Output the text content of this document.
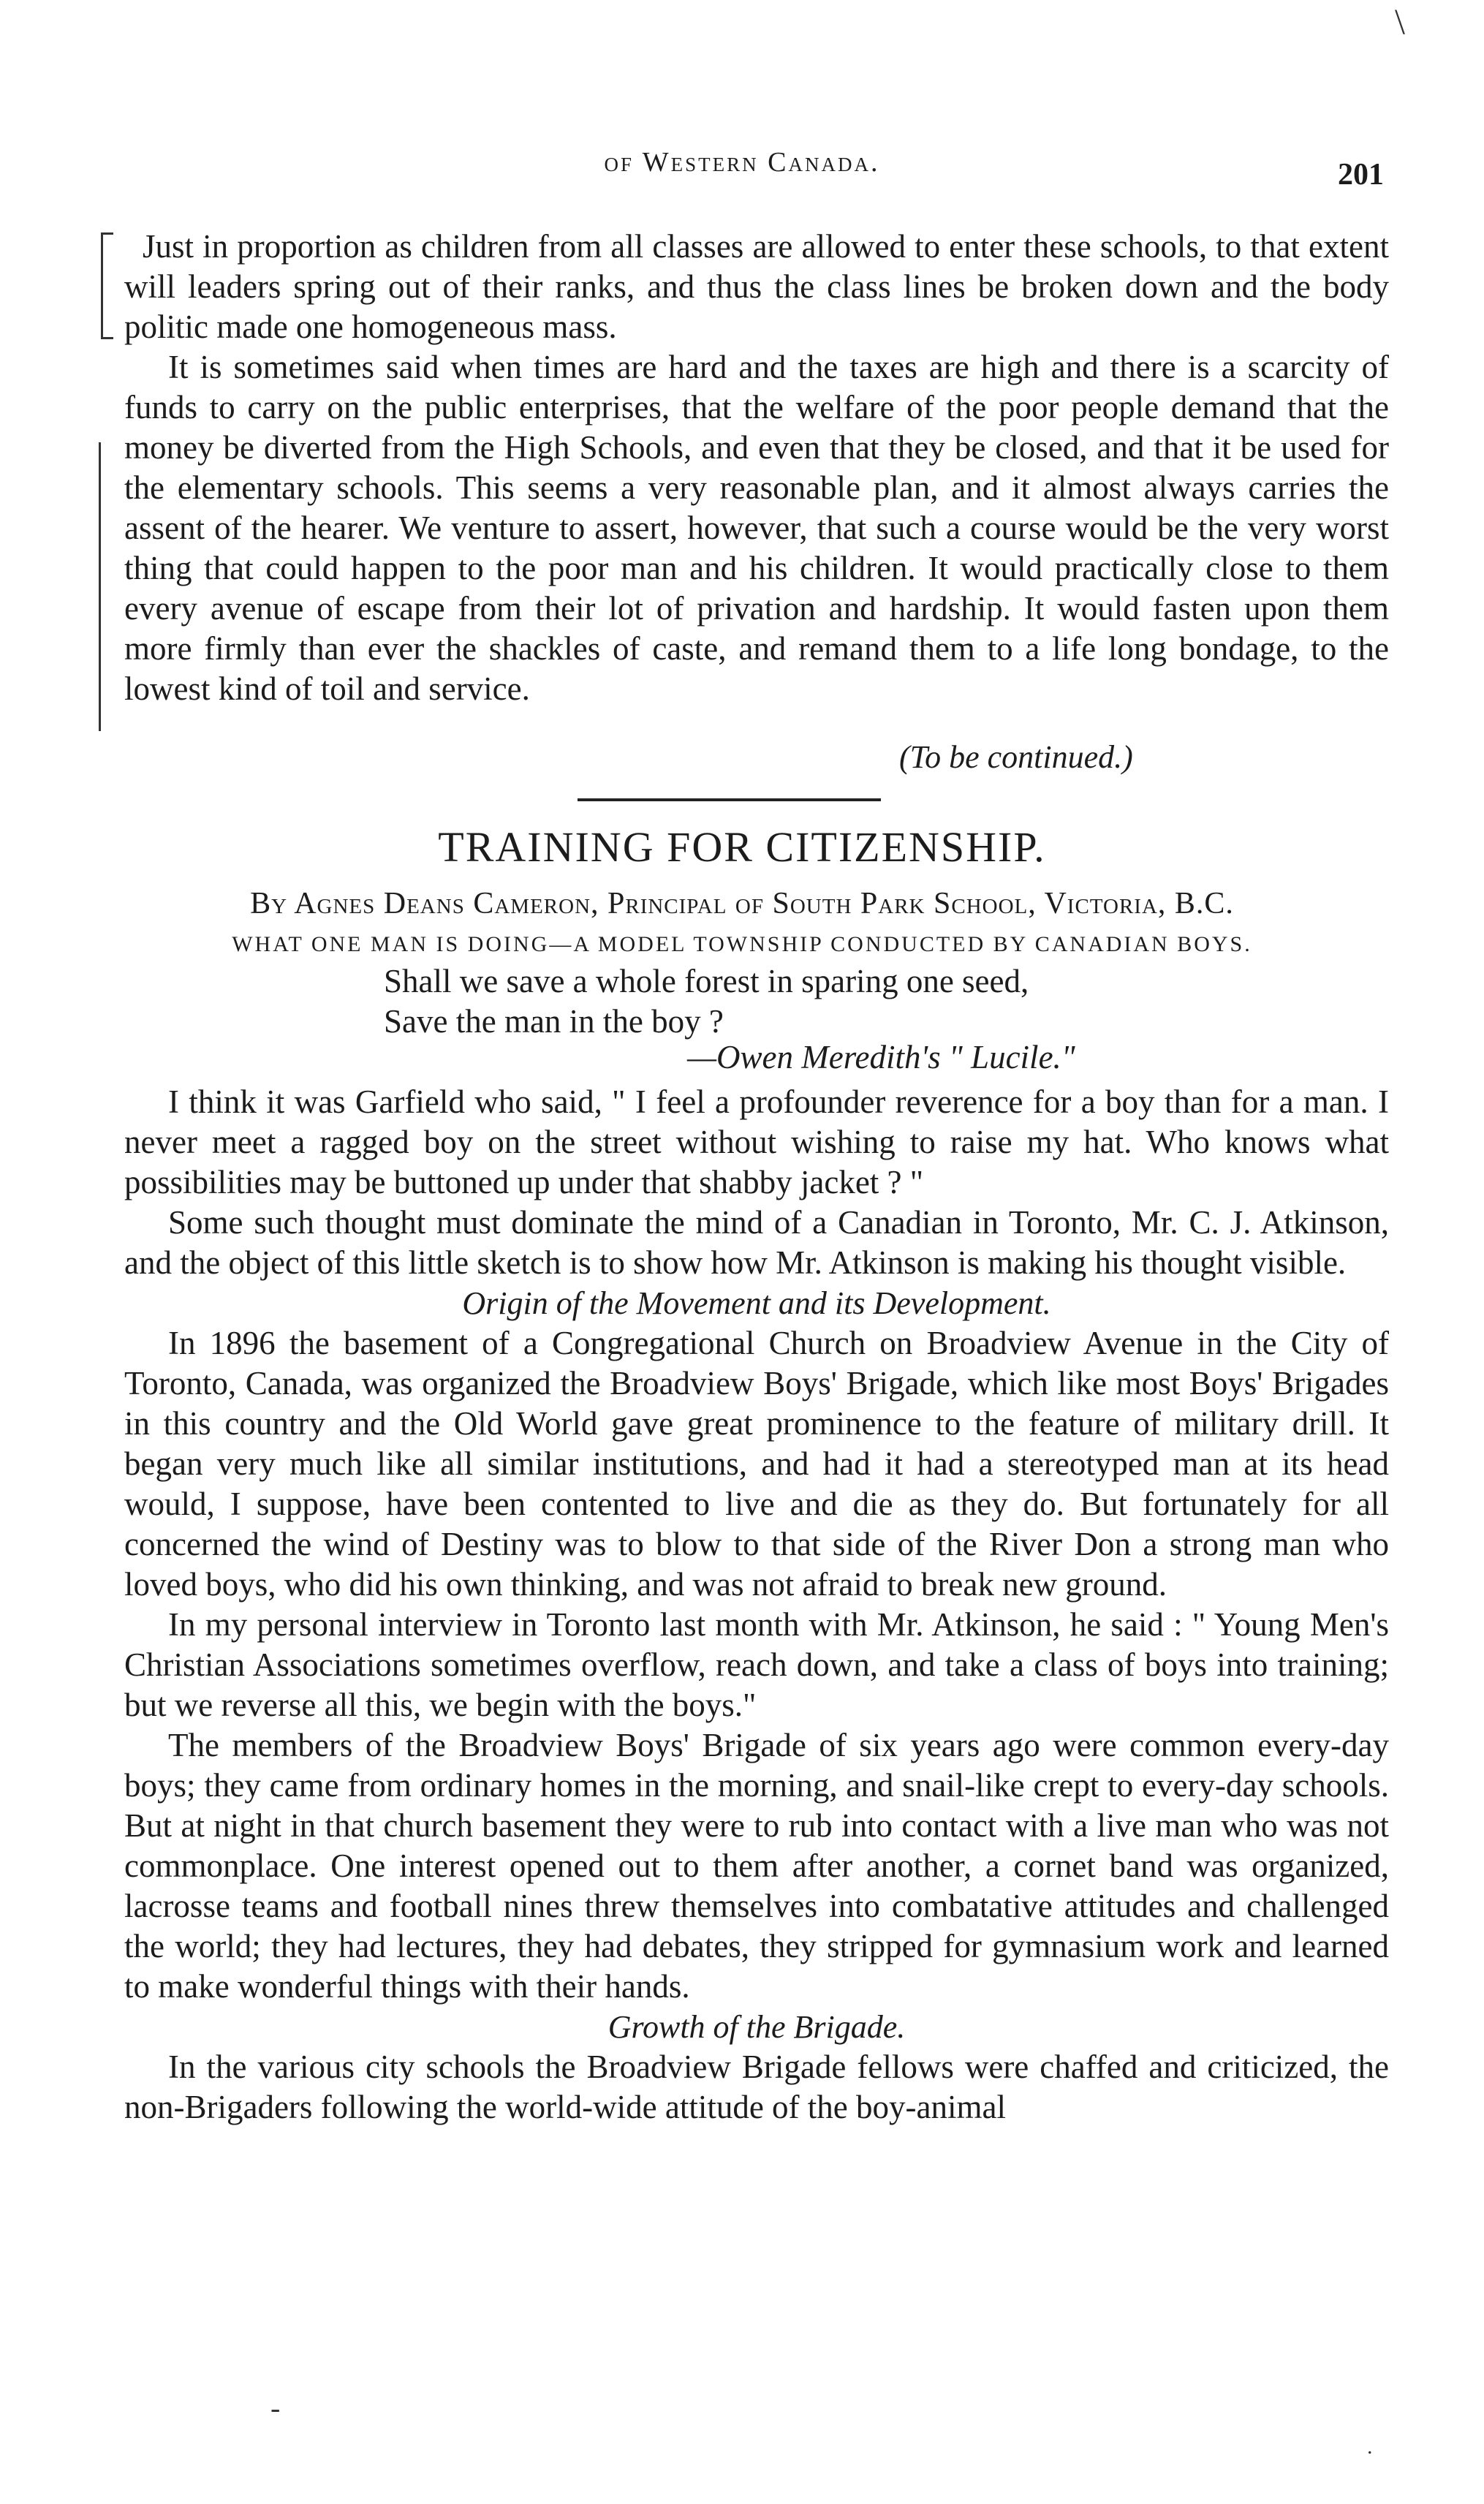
\
of Western Canada.	201

Just in proportion as children from all classes are allowed to enter these schools, to that extent will leaders spring out of their ranks, and thus the class lines be broken down and the body politic made one homogeneous mass.

It is sometimes said when times are hard and the taxes are high and there is a scarcity of funds to carry on the public enterprises, that the welfare of the poor people demand that the money be diverted from the High Schools, and even that they be closed, and that it be used for the elementary schools. This seems a very reasonable plan, and it almost always carries the assent of the hearer. We venture to assert, however, that such a course would be the very worst thing that could happen to the poor man and his children. It would practically close to them every avenue of escape from their lot of privation and hardship. It would fasten upon them more firmly than ever the shackles of caste, and remand them to a life long bondage, to the lowest kind of toil and service.

(To be continued.)
TRAINING FOR CITIZENSHIP.
By Agnes Deans Cameron, Principal of South Park School, Victoria, B.C.
WHAT ONE MAN IS DOING—A MODEL TOWNSHIP CONDUCTED BY CANADIAN BOYS.
Shall we save a whole forest in sparing one seed,
Save the man in the boy ?
—Owen Meredith's " Lucile."

I think it was Garfield who said, " I feel a profounder reverence for a boy than for a man. I never meet a ragged boy on the street without wishing to raise my hat. Who knows what possibilities may be buttoned up under that shabby jacket ? "

Some such thought must dominate the mind of a Canadian in Toronto, Mr. C. J. Atkinson, and the object of this little sketch is to show how Mr. Atkinson is making his thought visible.

Origin of the Movement and its Development.

In 1896 the basement of a Congregational Church on Broadview Avenue in the City of Toronto, Canada, was organized the Broadview Boys' Brigade, which like most Boys' Brigades in this country and the Old World gave great prominence to the feature of military drill. It began very much like all similar institutions, and had it had a stereotyped man at its head would, I suppose, have been contented to live and die as they do. But fortunately for all concerned the wind of Destiny was to blow to that side of the River Don a strong man who loved boys, who did his own thinking, and was not afraid to break new ground.

In my personal interview in Toronto last month with Mr. Atkinson, he said : " Young Men's Christian Associations sometimes overflow, reach down, and take a class of boys into training; but we reverse all this, we begin with the boys."

The members of the Broadview Boys' Brigade of six years ago were common every-day boys; they came from ordinary homes in the morning, and snail-like crept to every-day schools. But at night in that church basement they were to rub into contact with a live man who was not commonplace. One interest opened out to them after another, a cornet band was organized, lacrosse teams and football nines threw themselves into combatative attitudes and challenged the world; they had lectures, they had debates, they stripped for gymnasium work and learned to make wonderful things with their hands.

Growth of the Brigade.

In the various city schools the Broadview Brigade fellows were chaffed and criticized, the non-Brigaders following the world-wide attitude of the boy-animal

-
.
